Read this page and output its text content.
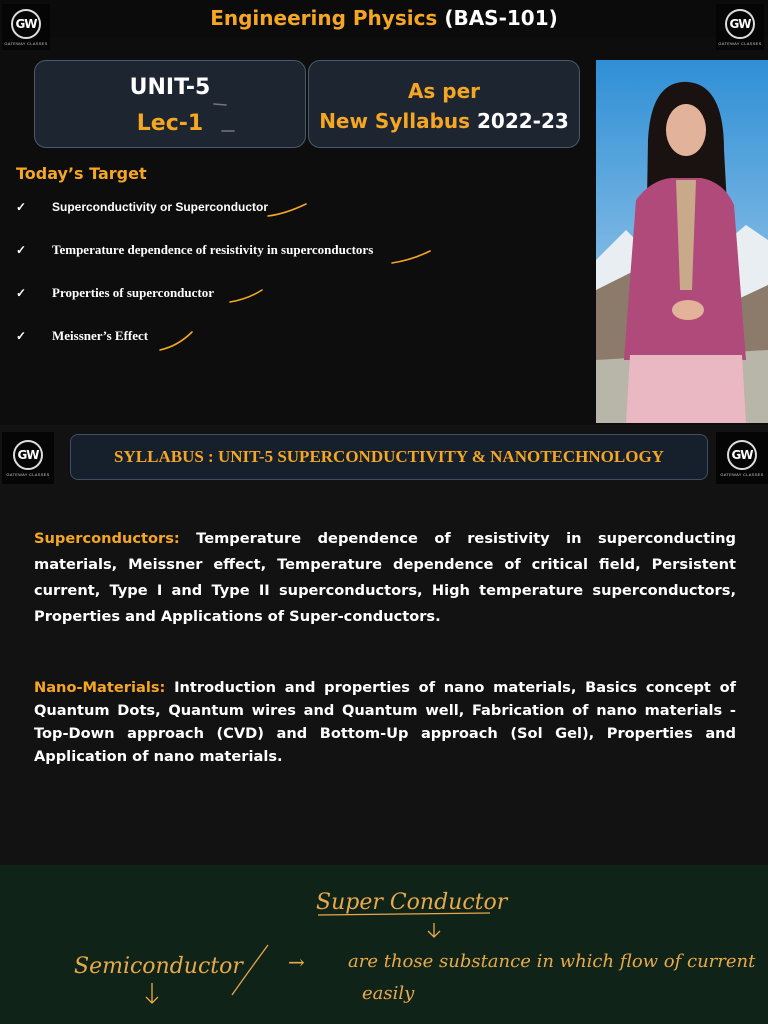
Engineering Physics (BAS-101)
GW
GATEWAY CLASSES
GW
GATEWAY CLASSES
UNIT-5
Lec-1
As per
New Syllabus 2022-23
Today’s Target
✓ Superconductivity or Superconductor
✓ Temperature dependence of resistivity in superconductors
✓ Properties of superconductor
✓ Meissner’s Effect
GW
GATEWAY CLASSES
GW
GATEWAY CLASSES
SYLLABUS : UNIT-5 SUPERCONDUCTIVITY & NANOTECHNOLOGY
Superconductors: Temperature dependence of resistivity in superconducting materials, Meissner effect, Temperature dependence of critical field, Persistent current, Type I and Type II superconductors, High temperature superconductors, Properties and Applications of Super-conductors.
Nano-Materials: Introduction and properties of nano materials, Basics concept of Quantum Dots, Quantum wires and Quantum well, Fabrication of nano materials -Top-Down approach (CVD) and Bottom-Up approach (Sol Gel), Properties and Application of nano materials.
Super Conductor
Semiconductor → are those substance in which flow of current
easily
